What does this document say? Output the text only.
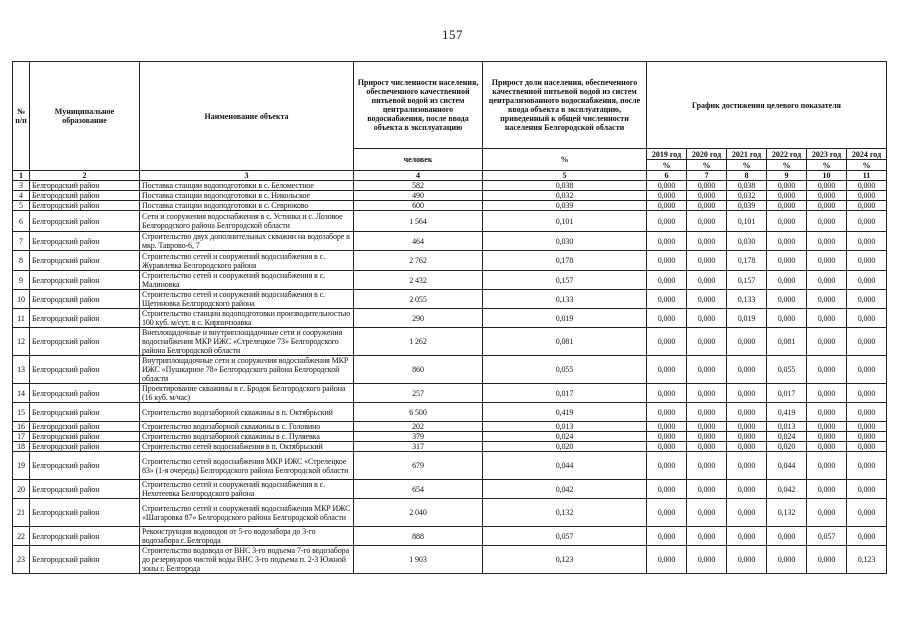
157
№ п/п	Муниципальное образование	Наименование объекта	Прирост численности населения, обеспеченного качественной питьевой водой из систем централизованного водоснабжения, после ввода объекта в эксплуатацию	Прирост доли населения, обеспеченного качественной питьевой водой из систем централизованного водоснабжения, после ввода объекта в эксплуатацию, приведенный к общей численности населения Белгородской области	График достижения целевого показателя					
			человек	%	2019 год	2020 год	2021 год	2022 год	2023 год	2024 год
					%	%	%	%	%	%
1	2	3	4	5	6	7	8	9	10	11
3	Белгородский район	Поставка станции водоподготовки в с. Беломестное	582	0,038	0,000	0,000	0,038	0,000	0,000	0,000
4	Белгородский район	Поставка станции водоподготовки в с. Никольское	490	0,032	0,000	0,000	0,032	0,000	0,000	0,000
5	Белгородский район	Поставка станции водоподготовки в с. Севрюково	600	0,039	0,000	0,000	0,039	0,000	0,000	0,000
6	Белгородский район	Сети и сооружения водоснабжения в с. Устинка и с. Лозовое Белгородского района Белгородской области	1 564	0,101	0,000	0,000	0,101	0,000	0,000	0,000
7	Белгородский район	Строительство двух дополнительных скважин на водозаборе в мкр. Таврово-6, 7	464	0,030	0,000	0,000	0,030	0,000	0,000	0,000
8	Белгородский район	Строительство сетей и сооружений водоснабжения в с. Журавлевка Белгородского района	2 762	0,178	0,000	0,000	0,178	0,000	0,000	0,000
9	Белгородский район	Строительство сетей и сооружений водоснабжения в с. Малиновка	2 432	0,157	0,000	0,000	0,157	0,000	0,000	0,000
10	Белгородский район	Строительство сетей и сооружений водоснабжения в с. Щетиновка Белгородского района	2 055	0,133	0,000	0,000	0,133	0,000	0,000	0,000
11	Белгородский район	Строительство станции водоподготовки производительностью 100 куб. м/сут. в с. Кирпичзоавка	290	0,019	0,000	0,000	0,019	0,000	0,000	0,000
12	Белгородский район	Внеплощадочные и внутриплощадочные сети и сооружения водоснабжения МКР ИЖС «Стрелецкое 73» Белгородского района Белгородской области	1 262	0,081	0,000	0,000	0,000	0,081	0,000	0,000
13	Белгородский район	Внутриплощадочные сети и сооружения водоснабжения МКР ИЖС «Пушкарное 78» Белгородского района Белгородской области	860	0,055	0,000	0,000	0,000	0,055	0,000	0,000
14	Белгородский район	Проектирование скважины в с. Бродок Белгородского района (16 куб. м/час)	257	0,017	0,000	0,000	0,000	0,017	0,000	0,000
15	Белгородский район	Строительство водозаборной скважины в п. Октябрьский	6 500	0,419	0,000	0,000	0,000	0,419	0,000	0,000
16	Белгородский район	Строительство водозаборной скважины в с. Головино	202	0,013	0,000	0,000	0,000	0,013	0,000	0,000
17	Белгородский район	Строительство водозаборной скважины в с. Пуляевка	379	0,024	0,000	0,000	0,000	0,024	0,000	0,000
18	Белгородский район	Строительство сетей водоснабжения в п. Октябрьский	317	0,020	0,000	0,000	0,000	0,020	0,000	0,000
19	Белгородский район	Строительство сетей водоснабжения МКР ИЖС «Стрелецкое 83» (1-я очередь) Белгородского района Белгородской области	679	0,044	0,000	0,000	0,000	0,044	0,000	0,000
20	Белгородский район	Строительство сетей и сооружений водоснабжения в с. Нехотеевка Белгородского района	654	0,042	0,000	0,000	0,000	0,042	0,000	0,000
21	Белгородский район	Строительство сетей и сооружений водоснабжения МКР ИЖС «Шагаровка 87» Белгородского района Белгородской области	2 040	0,132	0,000	0,000	0,000	0,132	0,000	0,000
22	Белгородский район	Реконструкция водоводов от 5-го водозабора до 3-го водозабора г. Белгорода	888	0,057	0,000	0,000	0,000	0,000	0,057	0,000
23	Белгородский район	Строительство водовода от ВНС 3-го подъема 7-го водозабора до резервуаров чистой воды ВНС 3-го подъема п. 2-3 Южной зоны г. Белгорода	1 903	0,123	0,000	0,000	0,000	0,000	0,000	0,123
